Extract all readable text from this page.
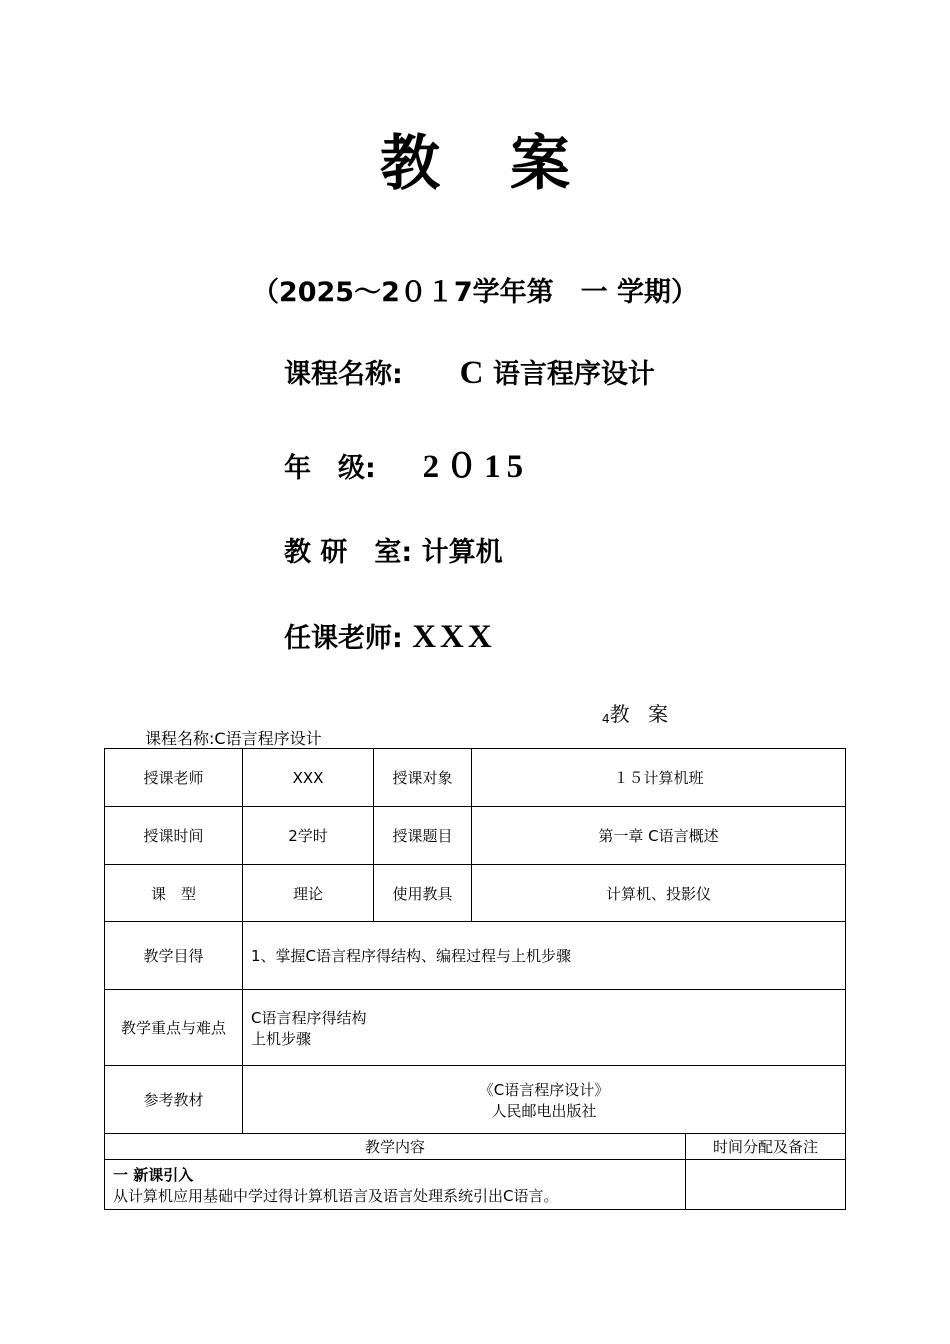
教案
（2025～2０１7学年第　一 学期）
课程名称: C 语言程序设计
年　级: 2０15
教 研　室: 计算机
任课老师: XXX
4教 案
课程名称:C语言程序设计
授课老师	XXX	授课对象	１５计算机班
授课时间	2学时	授课题目	第一章 C语言概述
课　型	理论	使用教具	计算机、投影仪
教学目得	1、掌握C语言程序得结构、编程过程与上机步骤		
教学重点与难点	C语言程序得结构
上机步骤		

参考教材	《C语言程序设计》
人民邮电出版社		
教学内容	时间分配及备注

一 新课引入
从计算机应用基础中学过得计算机语言及语言处理系统引出C语言。	
